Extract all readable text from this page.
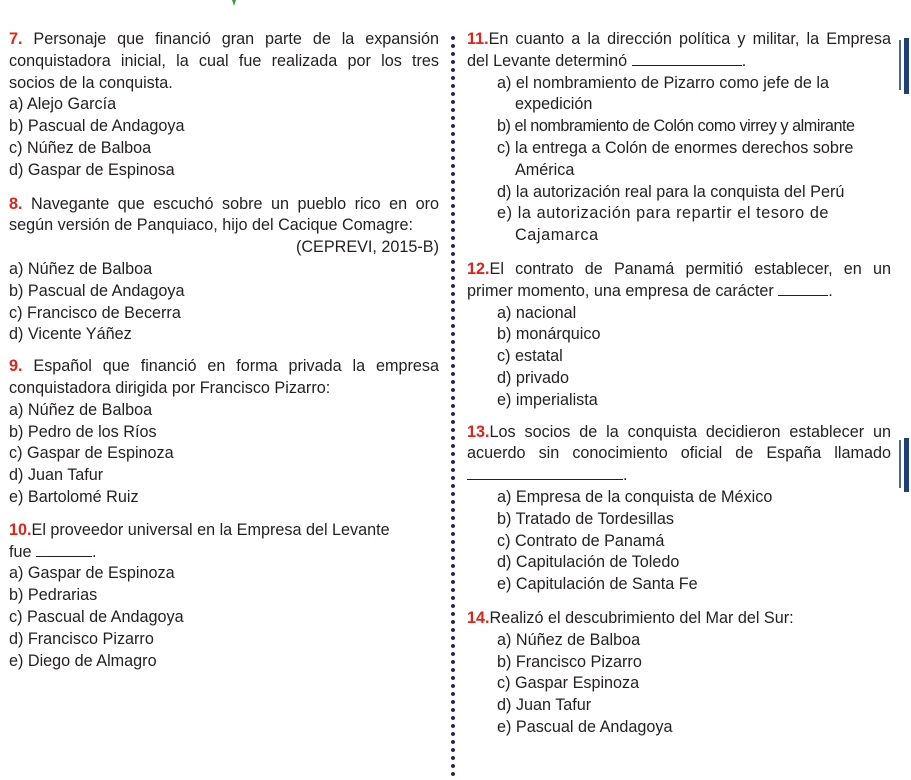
7. Personaje que financió gran parte de la expansión conquistadora inicial, la cual fue realizada por los tres socios de la conquista.
a) Alejo García
b) Pascual de Andagoya
c) Núñez de Balboa
d) Gaspar de Espinosa
8. Navegante que escuchó sobre un pueblo rico en oro según versión de Panquiaco, hijo del Cacique Comagre:
(CEPREVI, 2015-B)
a) Núñez de Balboa
b) Pascual de Andagoya
c) Francisco de Becerra
d) Vicente Yáñez
9. Español que financió en forma privada la empresa conquistadora dirigida por Francisco Pizarro:
a) Núñez de Balboa
b) Pedro de los Ríos
c) Gaspar de Espinoza
d) Juan Tafur
e) Bartolomé Ruiz
10.El proveedor universal en la Empresa del Levante
fue	.
a) Gaspar de Espinoza
b) Pedrarias
c) Pascual de Andagoya
d) Francisco Pizarro
e) Diego de Almagro
11.En cuanto a la dirección política y militar, la Empresa del Levante determinó	.
a) el nombramiento de Pizarro como jefe de la expedición
b) el nombramiento de Colón como virrey y almirante
c) la entrega a Colón de enormes derechos sobre América
d) la autorización real para la conquista del Perú
e) la autorización para repartir el tesoro de Cajamarca
12.El contrato de Panamá permitió establecer, en un primer momento, una empresa de carácter	.
a) nacional
b) monárquico
c) estatal
d) privado
e) imperialista
13.Los socios de la conquista decidieron establecer un acuerdo sin conocimiento oficial de España llamado .
a) Empresa de la conquista de México
b) Tratado de Tordesillas
c) Contrato de Panamá
d) Capitulación de Toledo
e) Capitulación de Santa Fe
14.Realizó el descubrimiento del Mar del Sur:
a) Núñez de Balboa
b) Francisco Pizarro
c) Gaspar Espinoza
d) Juan Tafur
e) Pascual de Andagoya
